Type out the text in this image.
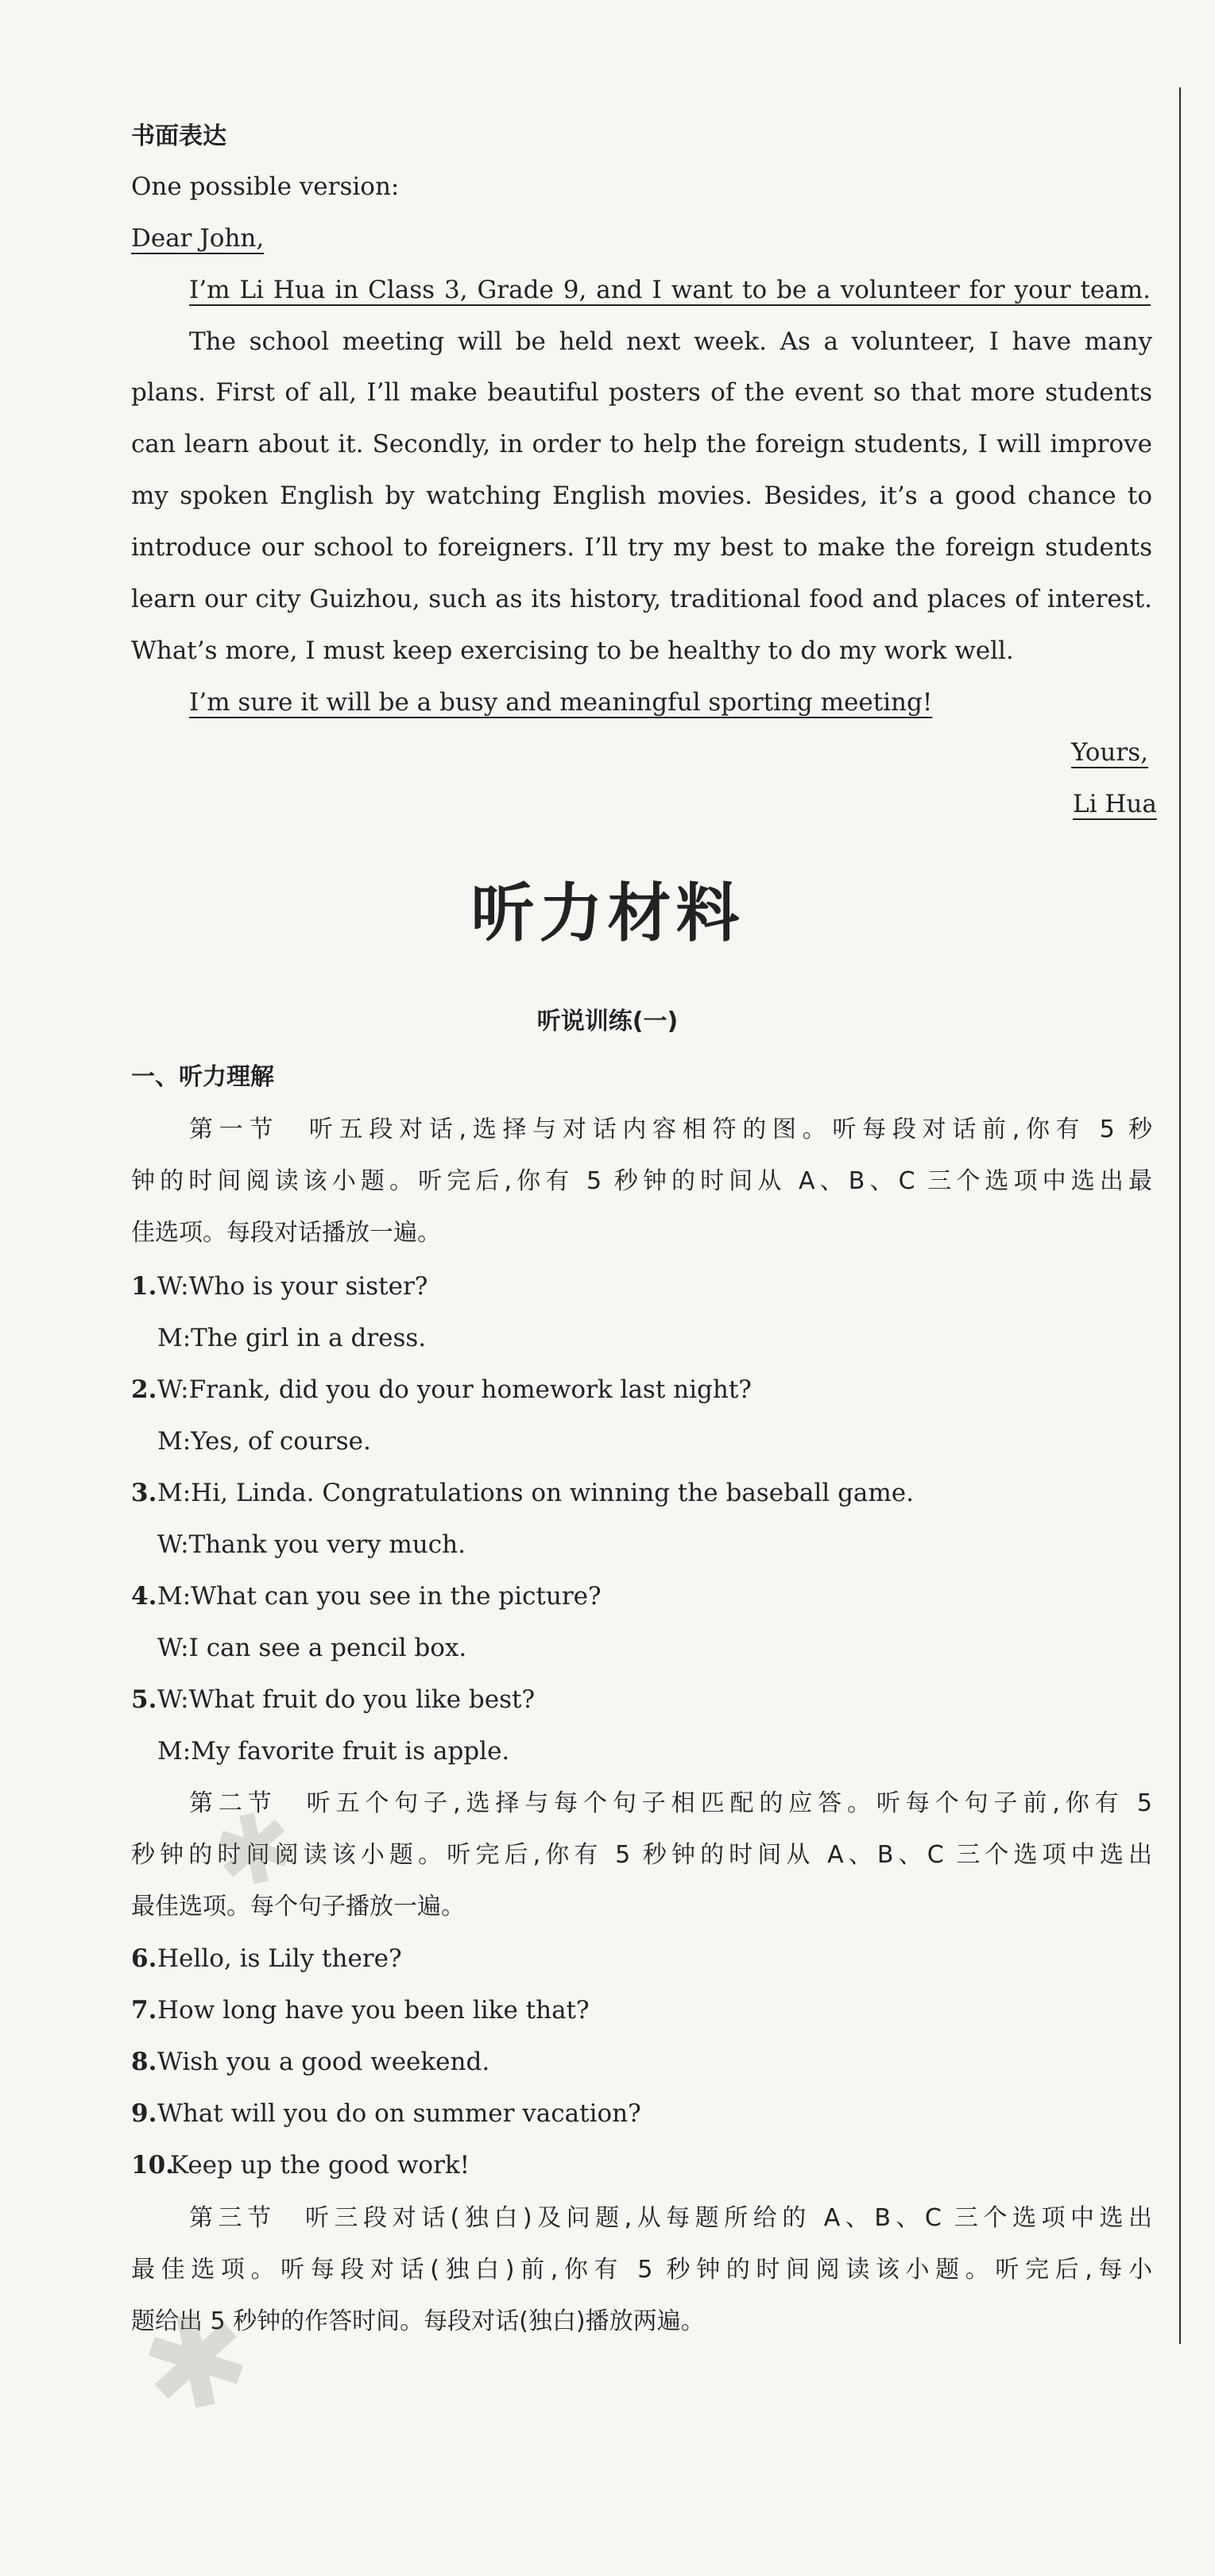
书面表达
One possible version:
Dear John,
I’m Li Hua in Class 3, Grade 9, and I want to be a volunteer for your team.
The school meeting will be held next week. As a volunteer, I have many
plans. First of all, I’ll make beautiful posters of the event so that more students
can learn about it. Secondly, in order to help the foreign students, I will improve
my spoken English by watching English movies. Besides, it’s a good chance to
introduce our school to foreigners. I’ll try my best to make the foreign students
learn our city Guizhou, such as its history, traditional food and places of interest.
What’s more, I must keep exercising to be healthy to do my work well.
I’m sure it will be a busy and meaningful sporting meeting!
Yours,
Li Hua
听力材料
听说训练(一)
一、听力理解
第一节　听五段对话,选择与对话内容相符的图。听每段对话前,你有 5 秒
钟的时间阅读该小题。听完后,你有 5 秒钟的时间从 A、B、C 三个选项中选出最
佳选项。每段对话播放一遍。
1. W:Who is your sister?
M:The girl in a dress.
2. W:Frank, did you do your homework last night?
M:Yes, of course.
3. M:Hi, Linda. Congratulations on winning the baseball game.
W:Thank you very much.
4. M:What can you see in the picture?
W:I can see a pencil box.
5. W:What fruit do you like best?
M:My favorite fruit is apple.
第二节　听五个句子,选择与每个句子相匹配的应答。听每个句子前,你有 5
秒钟的时间阅读该小题。听完后,你有 5 秒钟的时间从 A、B、C 三个选项中选出
最佳选项。每个句子播放一遍。
6. Hello, is Lily there?
7. How long have you been like that?
8. Wish you a good weekend.
9. What will you do on summer vacation?
10.
Keep up the good work!
第三节　听三段对话(独白)及问题,从每题所给的 A、B、C 三个选项中选出
最佳选项。听每段对话(独白)前,你有 5 秒钟的时间阅读该小题。听完后,每小
题给出 5 秒钟的作答时间。每段对话(独白)播放两遍。
✱
✱
